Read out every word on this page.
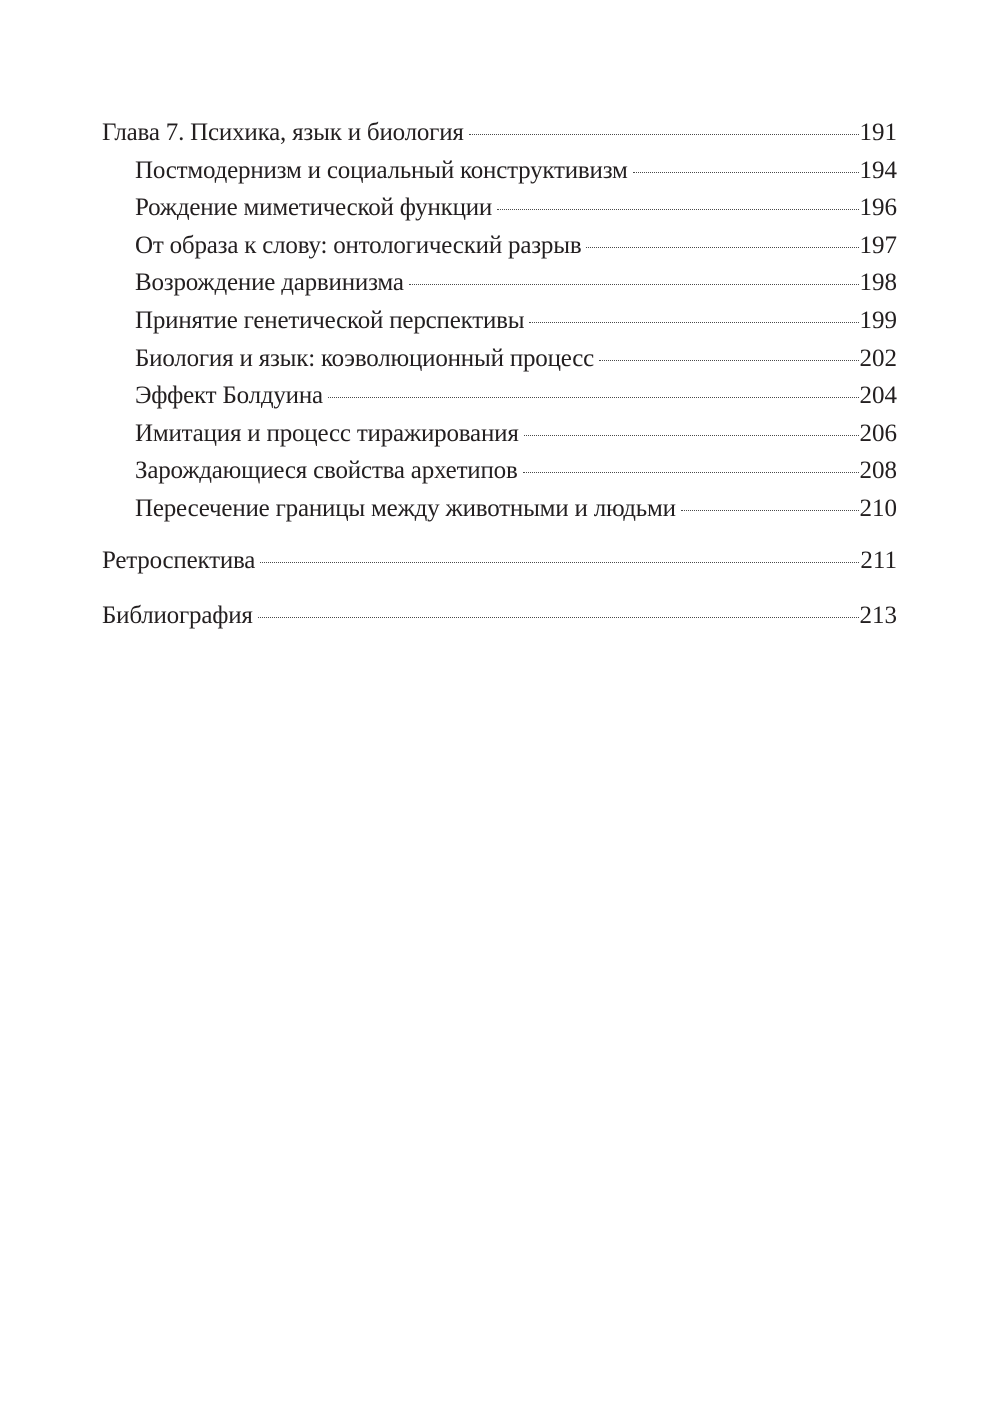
Глава 7. Психика, язык и биология	191
Постмодернизм и социальный конструктивизм	194
Рождение миметической функции	196
От образа к слову: онтологический разрыв	197
Возрождение дарвинизма	198
Принятие генетической перспективы	199
Биология и язык: коэволюционный процесс	202
Эффект Болдуина	204
Имитация и процесс тиражирования	206
Зарождающиеся свойства архетипов	208
Пересечение границы между животными и людьми	210
Ретроспектива	211
Библиография	213
